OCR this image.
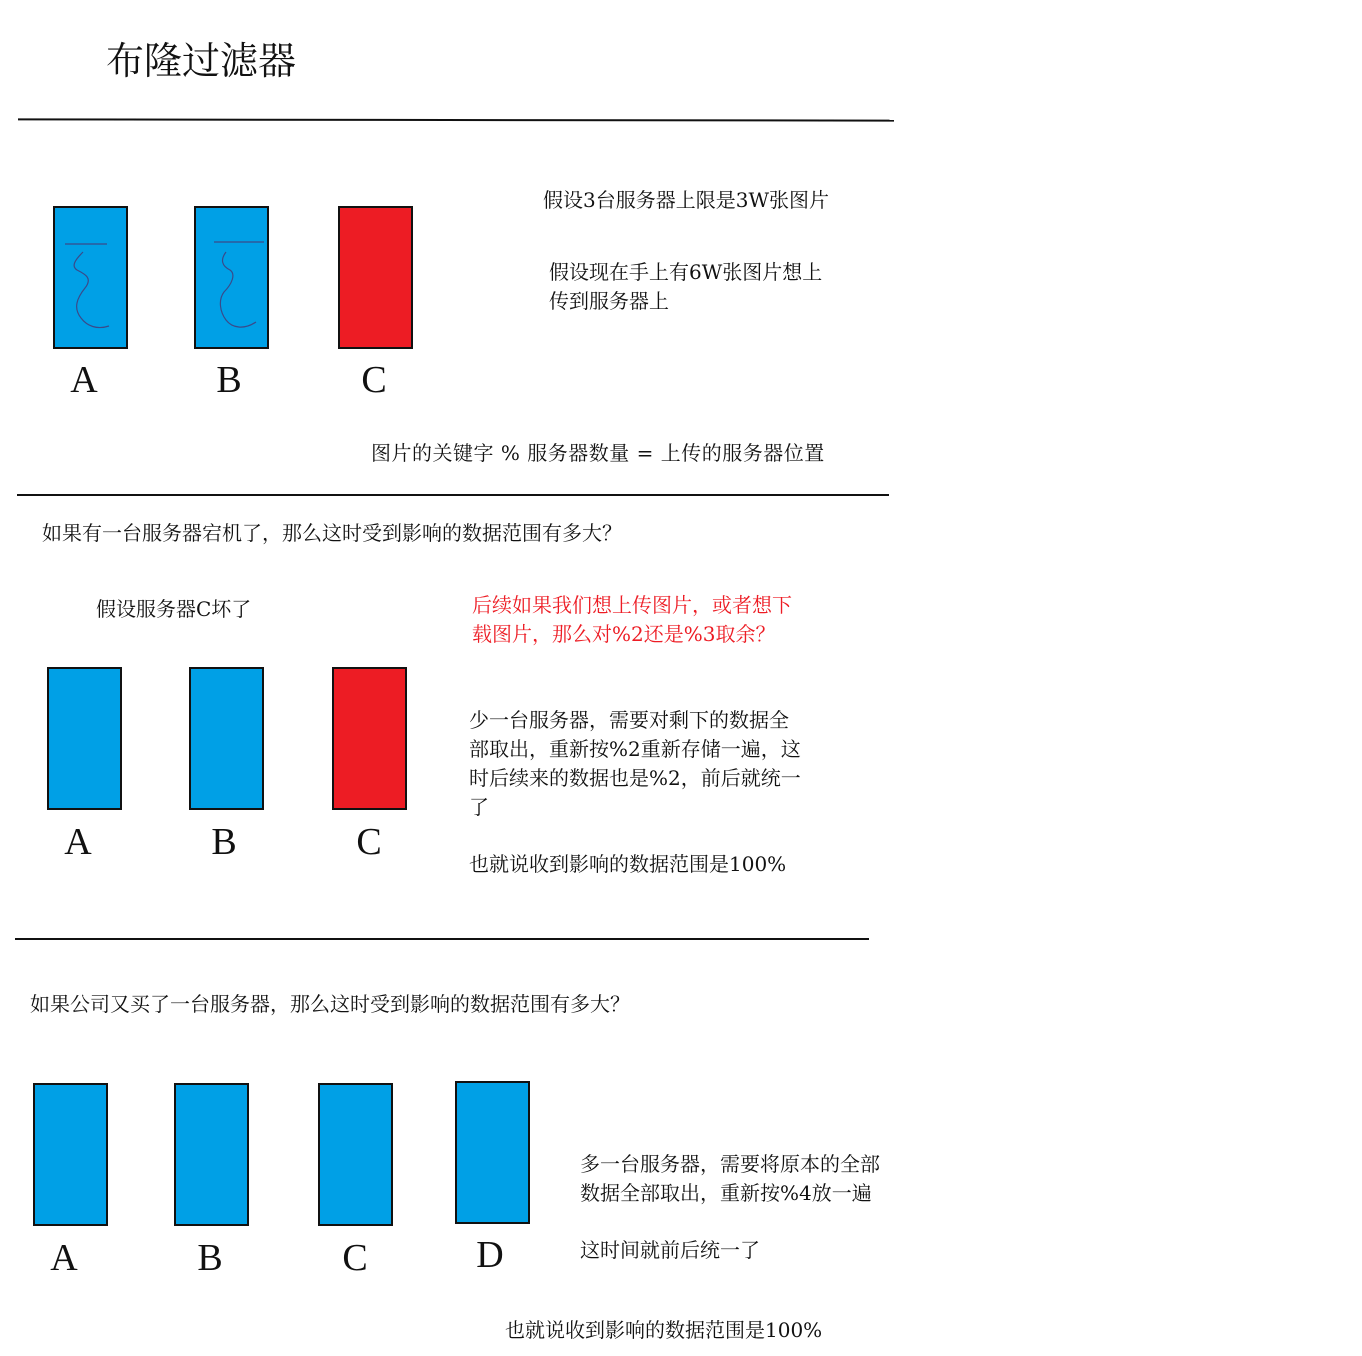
布隆过滤器
A	B	C
假设3台服务器上限是3W张图片
假设现在手上有6W张图片想上
传到服务器上
图片的关键字 % 服务器数量 = 上传的服务器位置
如果有一台服务器宕机了，那么这时受到影响的数据范围有多大？
假设服务器C坏了	后续如果我们想上传图片，或者想下
载图片，那么对%2还是%3取余？
A	B	C
少一台服务器，需要对剩下的数据全
部取出，重新按%2重新存储一遍，这
时后续来的数据也是%2，前后就统一
了
也就说收到影响的数据范围是100%
如果公司又买了一台服务器，那么这时受到影响的数据范围有多大？
A	B	C	D
多一台服务器，需要将原本的全部
数据全部取出，重新按%4放一遍
这时间就前后统一了
也就说收到影响的数据范围是100%
